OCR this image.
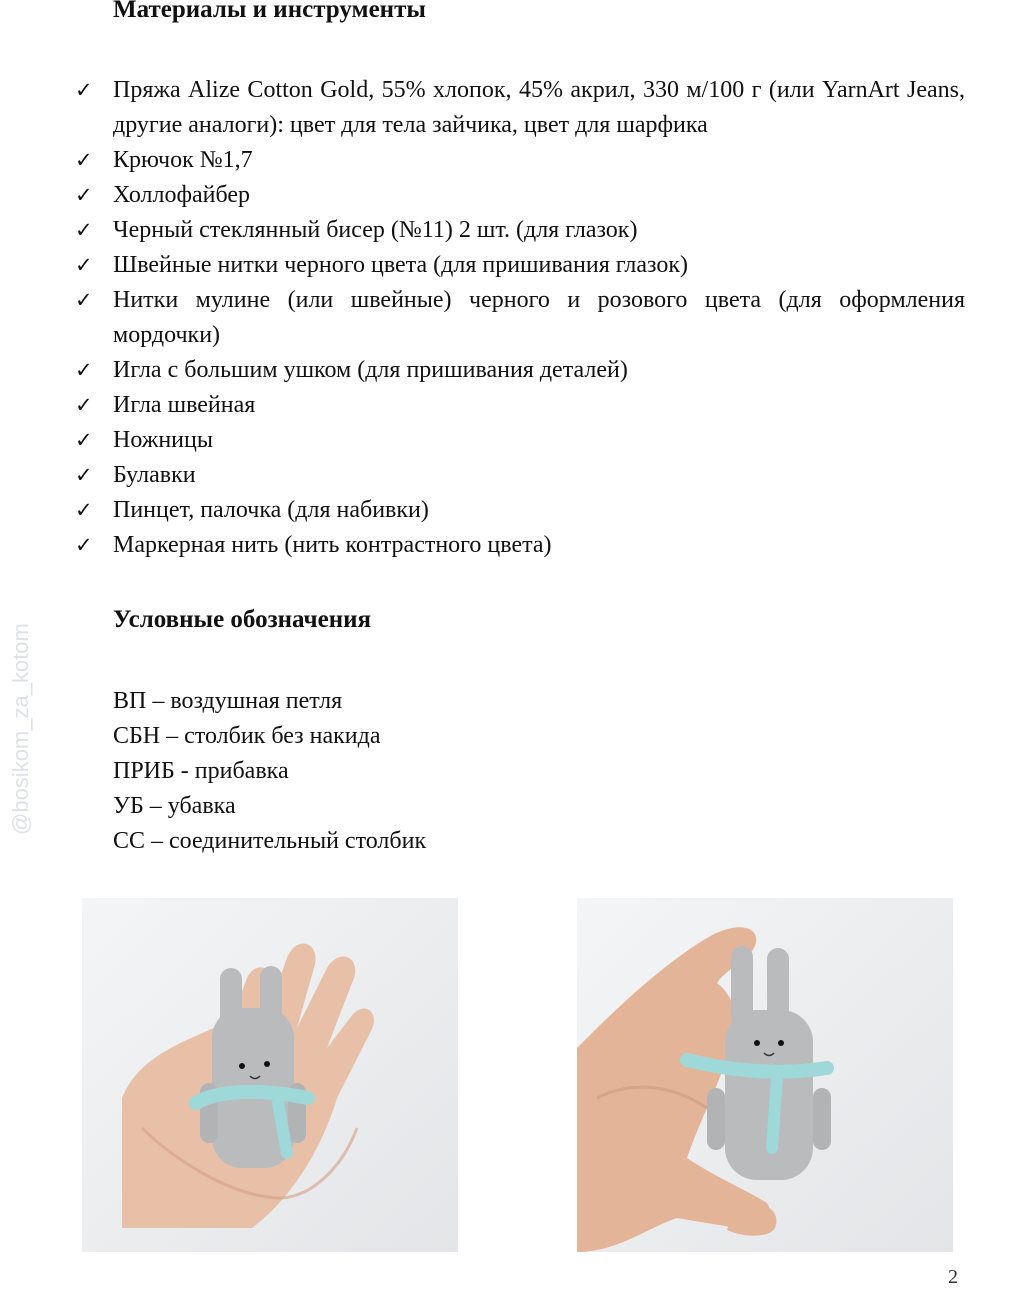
Материалы и инструменты
✓ Пряжа Alize Cotton Gold, 55% хлопок, 45% акрил, 330 м/100 г (или YarnArt Jeans, другие аналоги): цвет для тела зайчика, цвет для шарфика
✓ Крючок №1,7
✓ Холлофайбер
✓ Черный стеклянный бисер (№11) 2 шт. (для глазок)
✓ Швейные нитки черного цвета (для пришивания глазок)
✓ Нитки мулине (или швейные) черного и розового цвета (для оформления мордочки)
✓ Игла с большим ушком (для пришивания деталей)
✓ Игла швейная
✓ Ножницы
✓ Булавки
✓ Пинцет, палочка (для набивки)
✓ Маркерная нить (нить контрастного цвета)
Условные обозначения
ВП – воздушная петля
СБН – столбик без накида
ПРИБ - прибавка
УБ – убавка
СС – соединительный столбик
@bosikom_za_kotom
2
